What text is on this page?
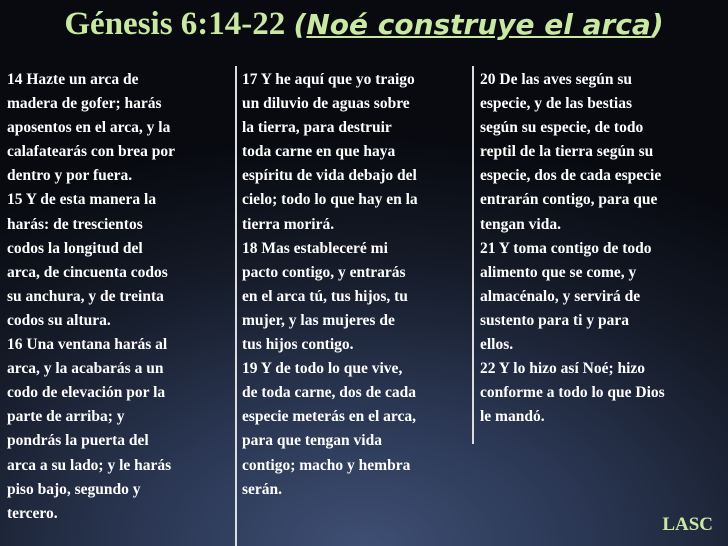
Génesis 6:14-22 (Noé construye el arca)

14 Hazte un arca de

madera de gofer; harás

aposentos en el arca, y la

calafatearás con brea por

dentro y por fuera.

15 Y de esta manera la

harás: de trescientos

codos la longitud del

arca, de cincuenta codos

su anchura, y de treinta

codos su altura.

16 Una ventana harás al

arca, y la acabarás a un

codo de elevación por la

parte de arriba; y

pondrás la puerta del

arca a su lado; y le harás

piso bajo, segundo y

tercero.

17 Y he aquí que yo traigo

un diluvio de aguas sobre

la tierra, para destruir

toda carne en que haya

espíritu de vida debajo del

cielo; todo lo que hay en la

tierra morirá.

18 Mas estableceré mi

pacto contigo, y entrarás

en el arca tú, tus hijos, tu

mujer, y las mujeres de

tus hijos contigo.

19 Y de todo lo que vive,

de toda carne, dos de cada

especie meterás en el arca,

para que tengan vida

contigo; macho y hembra

serán.

20 De las aves según su

especie, y de las bestias

según su especie, de todo

reptil de la tierra según su

especie, dos de cada especie

entrarán contigo, para que

tengan vida.

21 Y toma contigo de todo

alimento que se come, y

almacénalo, y servirá de

sustento para ti y para

ellos.

22 Y lo hizo así Noé; hizo

conforme a todo lo que Dios

le mandó.

LASC
